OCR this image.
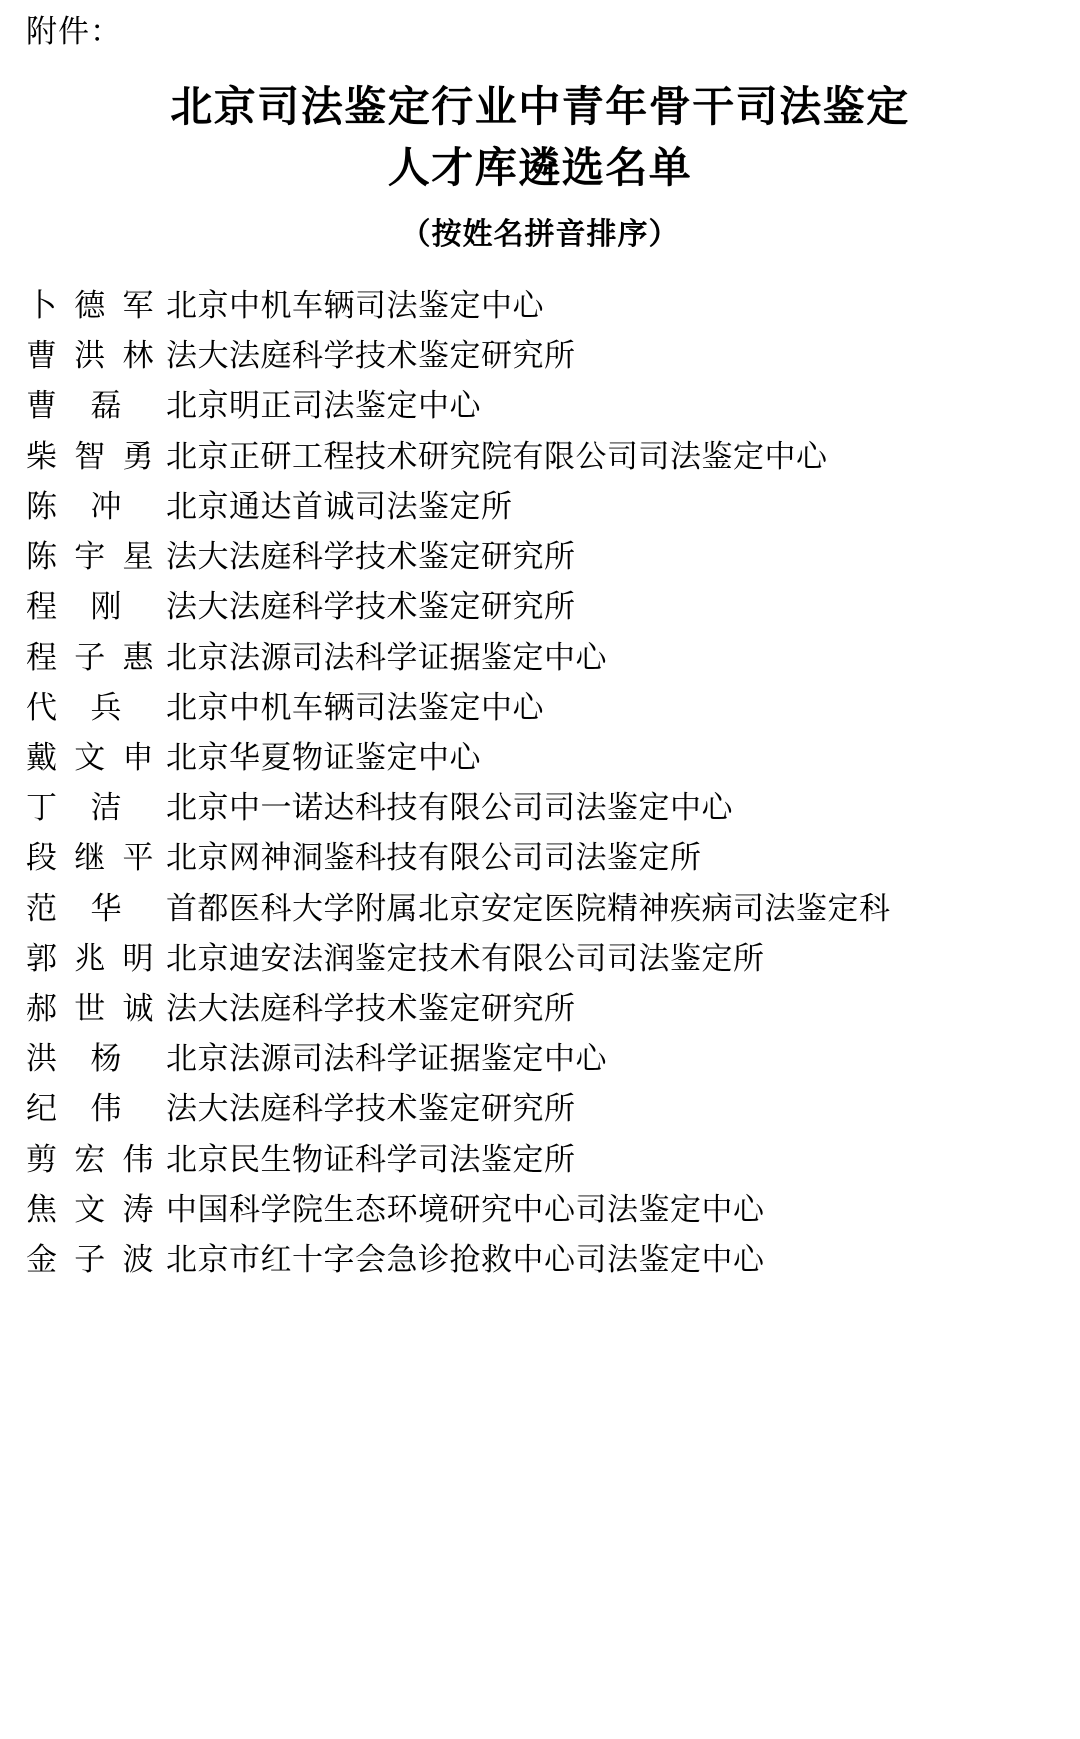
附件：
北京司法鉴定行业中青年骨干司法鉴定
人才库遴选名单
（按姓名拼音排序）
卜 德 军 北京中机车辆司法鉴定中心
曹 洪 林 法大法庭科学技术鉴定研究所
曹 磊 北京明正司法鉴定中心
柴 智 勇 北京正研工程技术研究院有限公司司法鉴定中心
陈 冲 北京通达首诚司法鉴定所
陈 宇 星 法大法庭科学技术鉴定研究所
程 刚 法大法庭科学技术鉴定研究所
程 子 惠 北京法源司法科学证据鉴定中心
代 兵 北京中机车辆司法鉴定中心
戴 文 申 北京华夏物证鉴定中心
丁 洁 北京中一诺达科技有限公司司法鉴定中心
段 继 平 北京网神洞鉴科技有限公司司法鉴定所
范 华 首都医科大学附属北京安定医院精神疾病司法鉴定科
郭 兆 明 北京迪安法润鉴定技术有限公司司法鉴定所
郝 世 诚 法大法庭科学技术鉴定研究所
洪 杨 北京法源司法科学证据鉴定中心
纪 伟 法大法庭科学技术鉴定研究所
剪 宏 伟 北京民生物证科学司法鉴定所
焦 文 涛 中国科学院生态环境研究中心司法鉴定中心
金 子 波 北京市红十字会急诊抢救中心司法鉴定中心
